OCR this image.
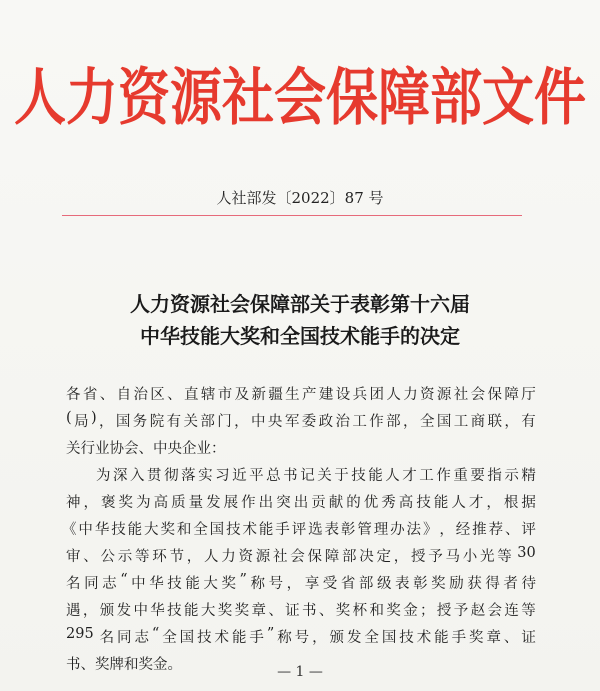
人力资源社会保障部文件
人社部发〔2022〕87 号
人力资源社会保障部关于表彰第十六届
中华技能大奖和全国技术能手的决定
各 省 、 自 治 区 、 直 辖 市 及 新 疆 生 产 建 设 兵 团 人 力 资 源 社 会 保 障 厅
( 局 ) ， 国 务 院 有 关 部 门 ， 中 央 军 委 政 治 工 作 部 ， 全 国 工 商 联 ， 有
关行业协会、中央企业：
为 深 入 贯 彻 落 实 习 近 平 总 书 记 关 于 技 能 人 才 工 作 重 要 指 示 精
神 ， 褒 奖 为 高 质 量 发 展 作 出 突 出 贡 献 的 优 秀 高 技 能 人 才 ， 根 据
《 中 华 技 能 大 奖 和 全 国 技 术 能 手 评 选 表 彰 管 理 办 法 》 ， 经 推 荐 、 评
审 、 公 示 等 环 节 ， 人 力 资 源 社 会 保 障 部 决 定 ， 授 予 马 小 光 等 30
名 同 志 “ 中 华 技 能 大 奖 ” 称 号 ， 享 受 省 部 级 表 彰 奖 励 获 得 者 待
遇 ， 颁 发 中 华 技 能 大 奖 奖 章 、 证 书 、 奖 杯 和 奖 金 ； 授 予 赵 会 连 等
295 名 同 志 “ 全 国 技 术 能 手 ” 称 号 ， 颁 发 全 国 技 术 能 手 奖 章 、 证
书、奖牌和奖金。	— 1 —
